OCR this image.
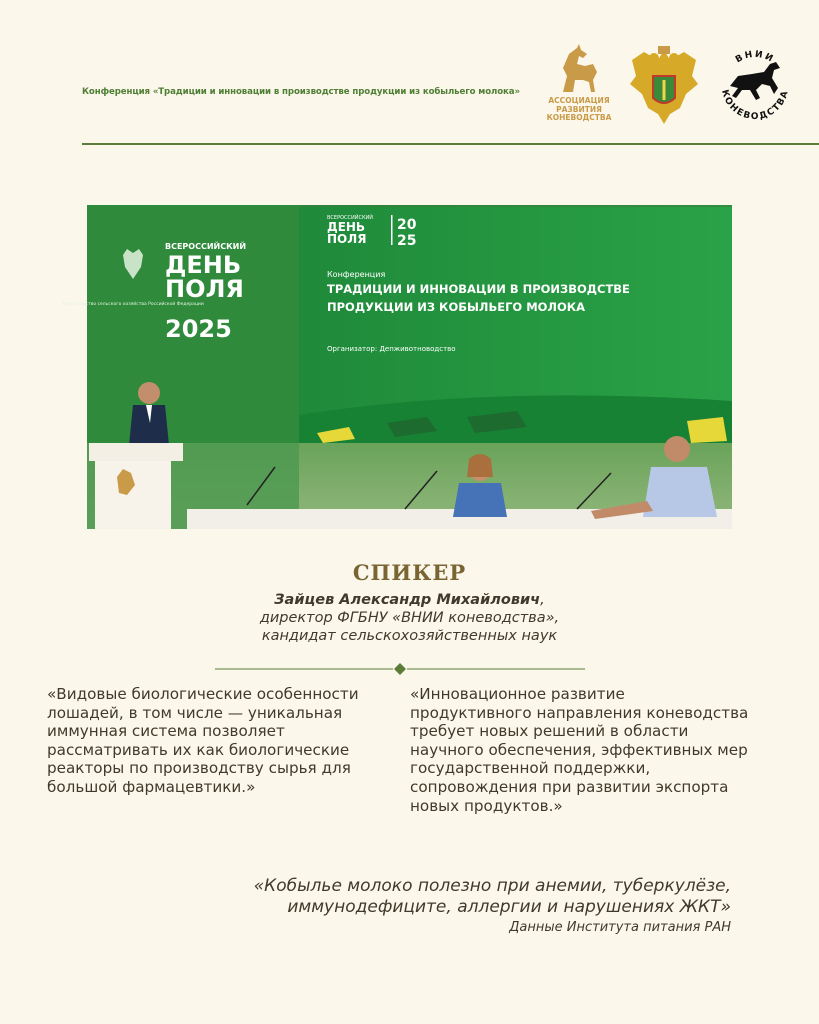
Конференция «Традиции и инновации в производстве продукции из кобыльего молока»
АССОЦИАЦИЯ РАЗВИТИЯ КОНЕВОДСТВА
ВНИИ
КОНЕВОДСТВА
Министерство сельского хозяйства Российской Федерации
ВСЕРОССИЙСКИЙ
ДЕНЬ
ПОЛЯ
2025
ВСЕРОССИЙСКИЙ
ДЕНЬ
ПОЛЯ
20
25
Конференция
ТРАДИЦИИ И ИННОВАЦИИ В ПРОИЗВОДСТВЕ
ПРОДУКЦИИ ИЗ КОБЫЛЬЕГО МОЛОКА
Организатор: Депживотноводство
СПИКЕР
Зайцев Александр Михайлович,
директор ФГБНУ «ВНИИ коневодства»,
кандидат сельскохозяйственных наук
«Видовые биологические особенности лошадей, в том числе — уникальная иммунная система позволяет рассматривать их как биологические реакторы по производству сырья для большой фармацевтики.»
«Инновационное развитие продуктивного направления коневодства требует новых решений в области научного обеспечения, эффективных мер государственной поддержки, сопровождения при развитии экспорта новых продуктов.»
«Кобылье молоко полезно при анемии, туберкулёзе,
иммунодефиците, аллергии и нарушениях ЖКТ»
Данные Института питания РАН
